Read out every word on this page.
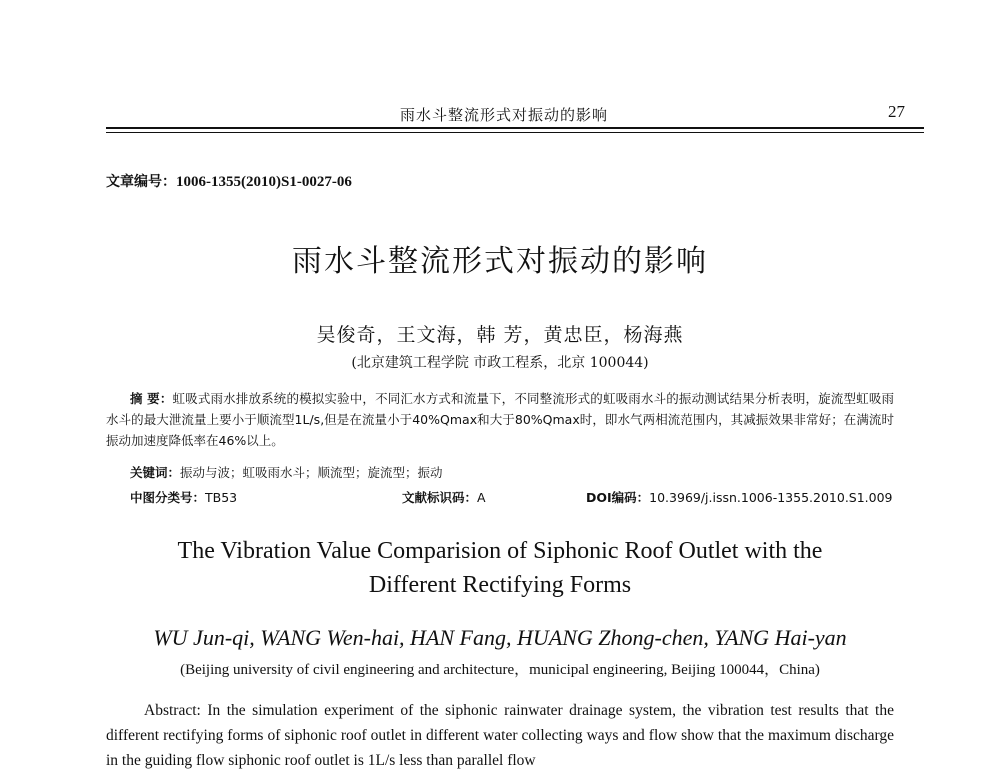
雨水斗整流形式对振动的影响	27
文章编号：1006-1355(2010)S1-0027-06
雨水斗整流形式对振动的影响
吴俊奇，王文海，韩 芳，黄忠臣，杨海燕
(北京建筑工程学院 市政工程系，北京 100044)
摘 要：虹吸式雨水排放系统的模拟实验中，不同汇水方式和流量下，不同整流形式的虹吸雨水斗的振动测试结果分析表明，旋流型虹吸雨水斗的最大泄流量上要小于顺流型1L/s,但是在流量小于40%Qmax和大于80%Qmax时，即水气两相流范围内，其减振效果非常好；在满流时振动加速度降低率在46%以上。
关键词：振动与波；虹吸雨水斗；顺流型；旋流型；振动
中图分类号：TB53	文献标识码：A	DOI编码：10.3969/j.issn.1006-1355.2010.S1.009
The Vibration Value Comparision of Siphonic Roof Outlet with the
Different Rectifying Forms
WU Jun-qi, WANG Wen-hai, HAN Fang, HUANG Zhong-chen, YANG Hai-yan
(Beijing university of civil engineering and architecture，municipal engineering, Beijing 100044，China)
Abstract: In the simulation experiment of the siphonic rainwater drainage system, the vibration test results that the different rectifying forms of siphonic roof outlet in different water collecting ways and flow show that the maximum discharge in the guiding flow siphonic roof outlet is 1L/s less than parallel flow
